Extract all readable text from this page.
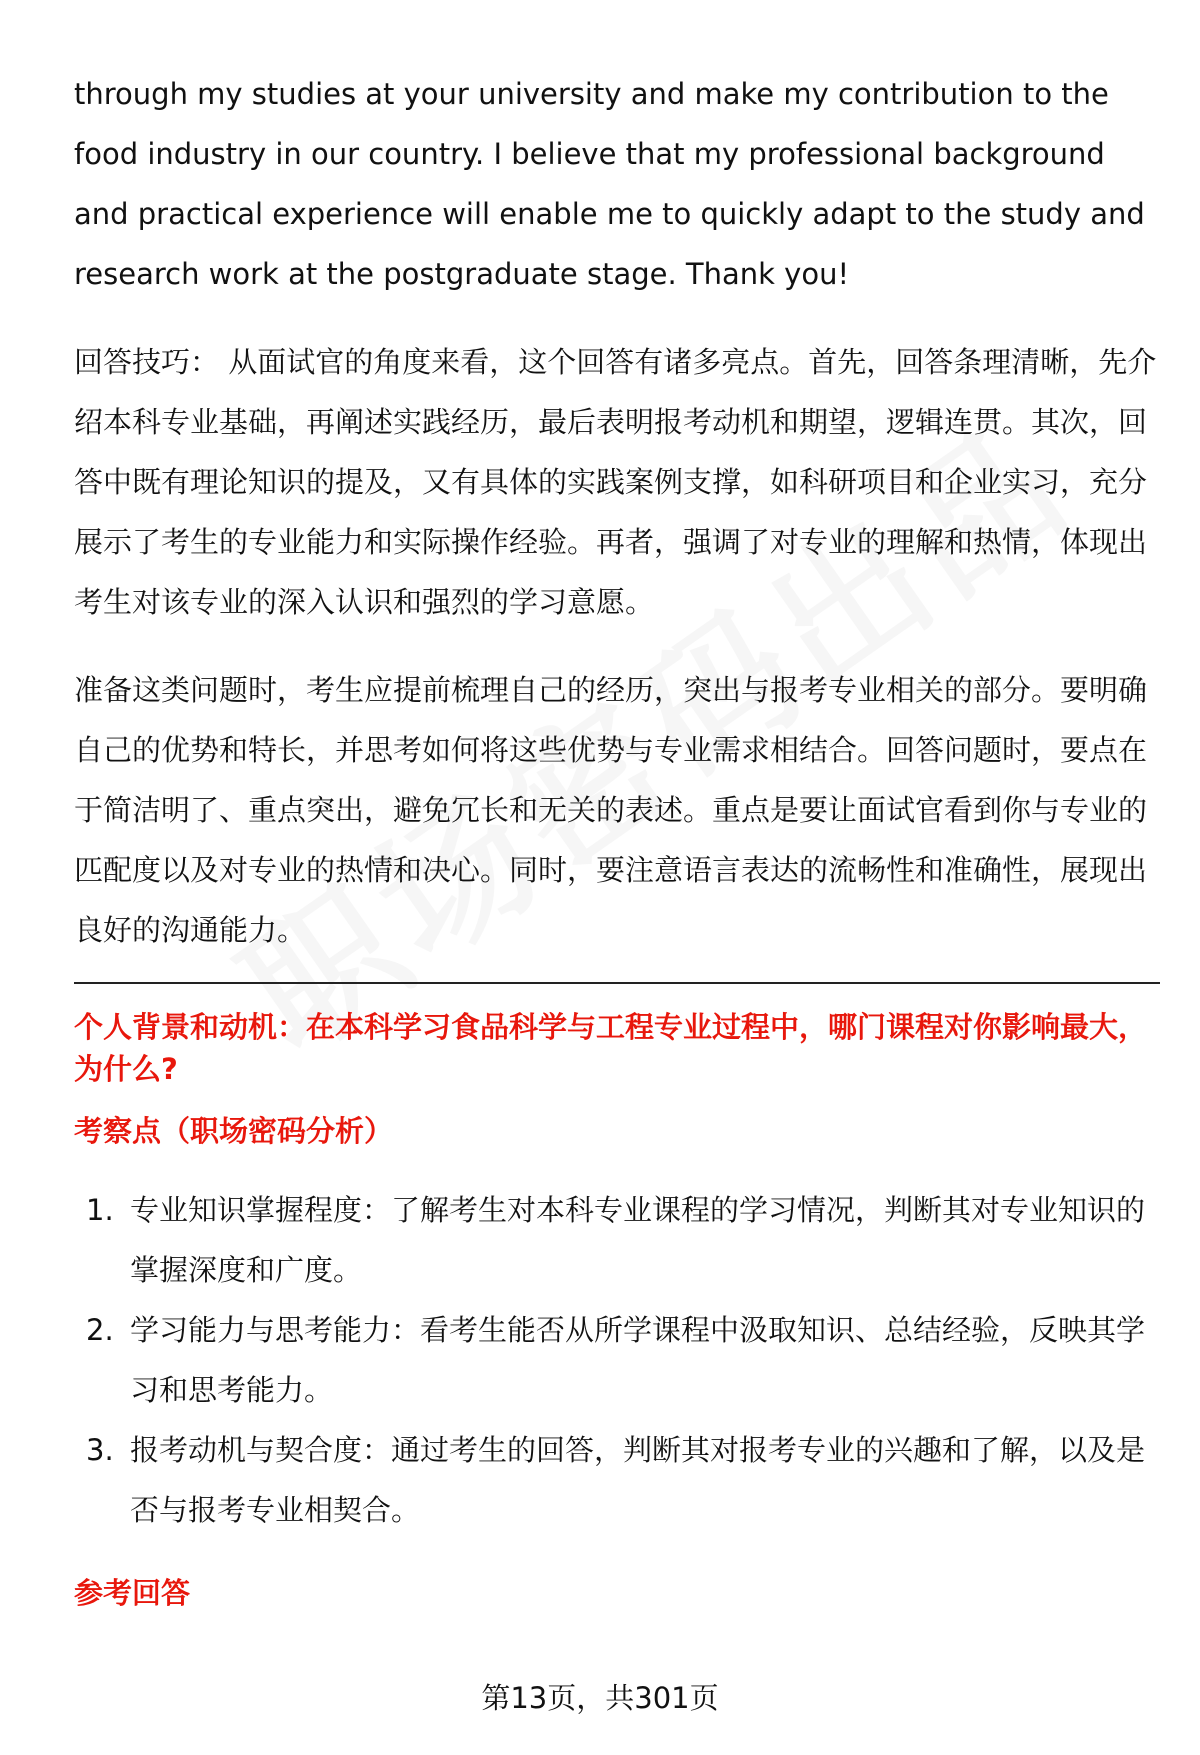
through my studies at your university and make my contribution to the food industry in our country. I believe that my professional background and practical experience will enable me to quickly adapt to the study and research work at the postgraduate stage. Thank you!

回答技巧： 从面试官的角度来看，这个回答有诸多亮点。首先，回答条理清晰，先介绍本科专业基础，再阐述实践经历，最后表明报考动机和期望，逻辑连贯。其次，回答中既有理论知识的提及，又有具体的实践案例支撑，如科研项目和企业实习，充分展示了考生的专业能力和实际操作经验。再者，强调了对专业的理解和热情，体现出考生对该专业的深入认识和强烈的学习意愿。

准备这类问题时，考生应提前梳理自己的经历，突出与报考专业相关的部分。要明确自己的优势和特长，并思考如何将这些优势与专业需求相结合。回答问题时，要点在于简洁明了、重点突出，避免冗长和无关的表述。重点是要让面试官看到你与专业的匹配度以及对专业的热情和决心。同时，要注意语言表达的流畅性和准确性，展现出良好的沟通能力。

个人背景和动机：在本科学习食品科学与工程专业过程中，哪门课程对你影响最大，为什么?

考察点（职场密码分析）

1. 专业知识掌握程度：了解考生对本科专业课程的学习情况，判断其对专业知识的掌握深度和广度。
2. 学习能力与思考能力：看考生能否从所学课程中汲取知识、总结经验，反映其学习和思考能力。
3. 报考动机与契合度：通过考生的回答，判断其对报考专业的兴趣和了解，以及是否与报考专业相契合。

参考回答

第13页，共301页
